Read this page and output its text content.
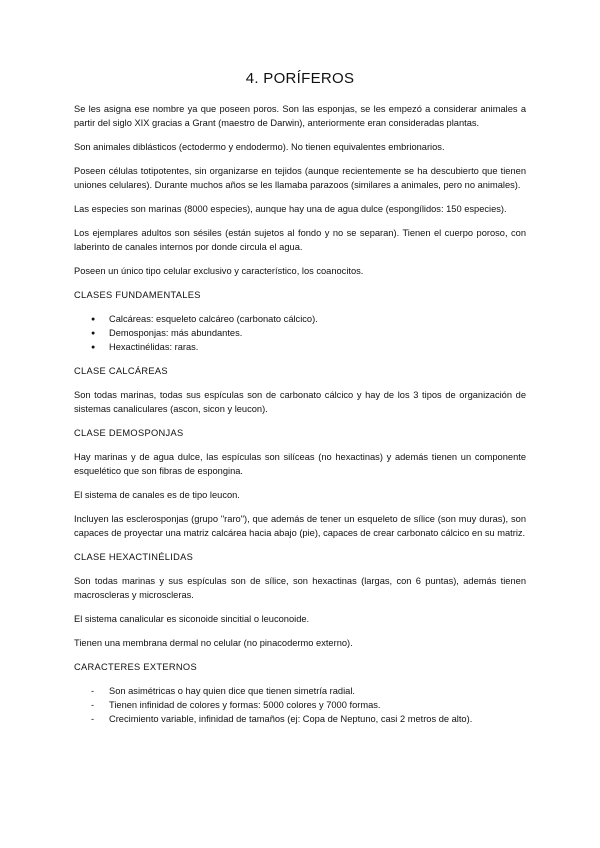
4. PORÍFEROS

Se les asigna ese nombre ya que poseen poros. Son las esponjas, se les empezó a considerar animales a partir del siglo XIX gracias a Grant (maestro de Darwin), anteriormente eran consideradas plantas.

Son animales diblásticos (ectodermo y endodermo). No tienen equivalentes embrionarios.

Poseen células totipotentes, sin organizarse en tejidos (aunque recientemente se ha descubierto que tienen uniones celulares). Durante muchos años se les llamaba parazoos (similares a animales, pero no animales).

Las especies son marinas (8000 especies), aunque hay una de agua dulce (espongílidos: 150 especies).

Los ejemplares adultos son sésiles (están sujetos al fondo y no se separan). Tienen el cuerpo poroso, con laberinto de canales internos por donde circula el agua.

Poseen un único tipo celular exclusivo y característico, los coanocitos.

CLASES FUNDAMENTALES
●
Calcáreas: esqueleto calcáreo (carbonato cálcico).
●
Demosponjas: más abundantes.
●
Hexactinélidas: raras.
CLASE CALCÁREAS

Son todas marinas, todas sus espículas son de carbonato cálcico y hay de los 3 tipos de organización de sistemas canaliculares (ascon, sicon y leucon).

CLASE DEMOSPONJAS

Hay marinas y de agua dulce, las espículas son silíceas (no hexactinas) y además tienen un componente esquelético que son fibras de espongina.

El sistema de canales es de tipo leucon.

Incluyen las esclerosponjas (grupo "raro"), que además de tener un esqueleto de sílice (son muy duras), son capaces de proyectar una matriz calcárea hacia abajo (pie), capaces de crear carbonato cálcico en su matriz.

CLASE HEXACTINÉLIDAS

Son todas marinas y sus espículas son de sílice, son hexactinas (largas, con 6 puntas), además tienen macroscleras y microscleras.

El sistema canalicular es siconoide sincitial o leuconoide.

Tienen una membrana dermal no celular (no pinacodermo externo).

CARACTERES EXTERNOS
-
Son asimétricas o hay quien dice que tienen simetría radial.
-
Tienen infinidad de colores y formas: 5000 colores y 7000 formas.
-
Crecimiento variable, infinidad de tamaños (ej: Copa de Neptuno, casi 2 metros de alto).
